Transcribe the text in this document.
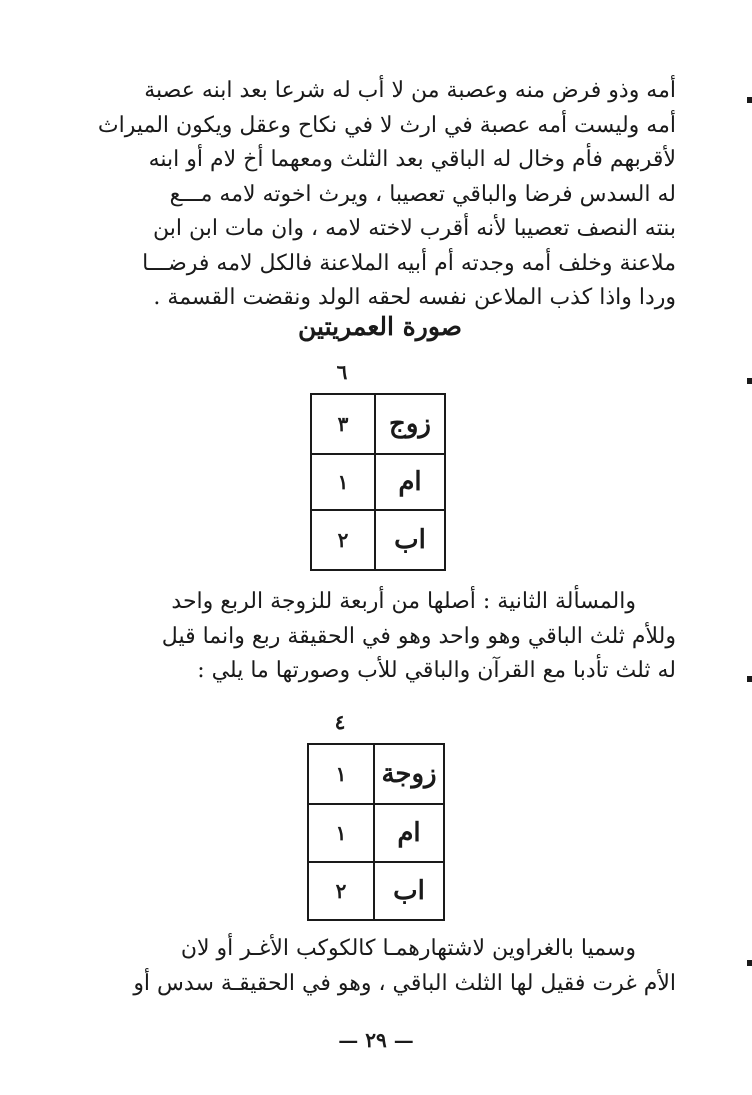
أمه وذو فرض منه وعصبة من لا أب له شرعا بعد ابنه عصبة
أمه وليست أمه عصبة في ارث لا في نكاح وعقل ويكون الميراث
لأقربهم فأم وخال له الباقي بعد الثلث ومعهما أخ لام أو ابنه
له السدس فرضا والباقي تعصيبا ، ويرث اخوته لامه مـــع
بنته النصف تعصيبا لأنه أقرب لاخته لامه ، وان مات ابن ابن
ملاعنة وخلف أمه وجدته أم أبيه الملاعنة فالكل لامه فرضـــا
وردا واذا كذب الملاعن نفسه لحقه الولد ونقضت القسمة .
صورة العمريتين
٦
زوج	٣
ام	١
اب	٢
والمسألة الثانية : أصلها من أربعة للزوجة الربع واحد
وللأم ثلث الباقي وهو واحد وهو في الحقيقة ربع وانما قيل
له ثلث تأدبا مع القرآن والباقي للأب وصورتها ما يلي :
٤
زوجة	١
ام	١
اب	٢
وسميا بالغراوين لاشتهارهمـا كالكوكب الأغـر أو لان
الأم غرت فقيل لها الثلث الباقي ، وهو في الحقيقـة سدس أو
— ٢٩ —
